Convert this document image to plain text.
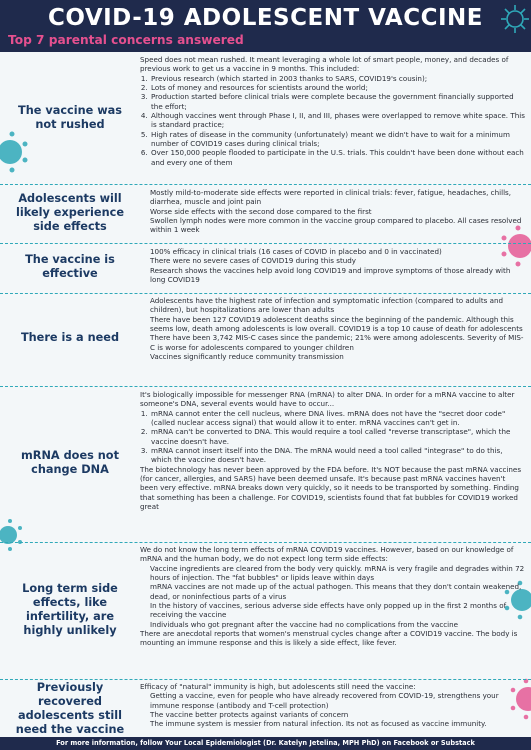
COVID-19 ADOLESCENT VACCINE
Top 7 parental concerns answered
The vaccine was not rushed

Speed does not mean rushed. It meant leveraging a whole lot of smart people, money, and decades of previous work to get us a vaccine in 9 months. This included:

1. Previous research (which started in 2003 thanks to SARS, COVID19's cousin);
2. Lots of money and resources for scientists around the world;
3. Production started before clinical trials were complete because the government financially supported the effort;
4. Although vaccines went through Phase I, II, and III, phases were overlapped to remove white space. This is standard practice;
5. High rates of disease in the community (unfortunately) meant we didn't have to wait for a minimum number of COVID19 cases during clinical trials;
6. Over 150,000 people flooded to participate in the U.S. trials. This couldn't have been done without each and every one of them
Adolescents will likely experience side effects
• Mostly mild-to-moderate side effects were reported in clinical trials: fever, fatigue, headaches, chills, diarrhea, muscle and joint pain
• Worse side effects with the second dose compared to the first
• Swollen lymph nodes were more common in the vaccine group compared to placebo. All cases resolved within 1 week
The vaccine is effective
• 100% efficacy in clinical trials (16 cases of COVID in placebo and 0 in vaccinated)
• There were no severe cases of COVID19 during this study
• Research shows the vaccines help avoid long COVID19 and improve symptoms of those already with long COVID19
There is a need
• Adolescents have the highest rate of infection and symptomatic infection (compared to adults and children), but hospitalizations are lower than adults
• There have been 127 COVID19 adolescent deaths since the beginning of the pandemic. Although this seems low, death among adolescents is low overall. COVID19 is a top 10 cause of death for adolescents
• There have been 3,742 MIS-C cases since the pandemic; 21% were among adolescents. Severity of MIS-C is worse for adolescents compared to younger children
• Vaccines significantly reduce community transmission
mRNA does not change DNA

It's biologically impossible for messenger RNA (mRNA) to alter DNA. In order for a mRNA vaccine to alter someone's DNA, several events would have to occur...

1. mRNA cannot enter the cell nucleus, where DNA lives. mRNA does not have the "secret door code" (called nuclear access signal) that would allow it to enter. mRNA vaccines can't get in.
2. mRNA can't be converted to DNA. This would require a tool called "reverse transcriptase", which the vaccine doesn't have.
3. mRNA cannot insert itself into the DNA. The mRNA would need a tool called "integrase" to do this, which the vaccine doesn't have.

The biotechnology has never been approved by the FDA before. It's NOT because the past mRNA vaccines (for cancer, allergies, and SARS) have been deemed unsafe. It's because past mRNA vaccines haven't been very effective. mRNA breaks down very quickly, so it needs to be transported by something. Finding that something has been a challenge. For COVID19, scientists found that fat bubbles for COVID19 worked great

Long term side effects, like infertility, are highly unlikely

We do not know the long term effects of mRNA COVID19 vaccines. However, based on our knowledge of mRNA and the human body, we do not expect long term side effects:

• Vaccine ingredients are cleared from the body very quickly. mRNA is very fragile and degrades within 72 hours of injection. The "fat bubbles" or lipids leave within days
• mRNA vaccines are not made up of the actual pathogen. This means that they don't contain weakened, dead, or noninfectious parts of a virus
• In the history of vaccines, serious adverse side effects have only popped up in the first 2 months of receiving the vaccine
• Individuals who got pregnant after the vaccine had no complications from the vaccine

There are anecdotal reports that women's menstrual cycles change after a COVID19 vaccine. The body is mounting an immune response and this is likely a side effect, like fever.

Previously recovered adolescents still need the vaccine

Efficacy of "natural" immunity is high, but adolescents still need the vaccine:

• Getting a vaccine, even for people who have already recovered from COVID-19, strengthens your immune response (antibody and T-cell protection)
• The vaccine better protects against variants of concern
• The immune system is messier from natural infection. Its not as focused as vaccine immunity.
For more information, follow Your Local Epidemiologist (Dr. Katelyn Jetelina, MPH PhD) on Facebook or Substack
